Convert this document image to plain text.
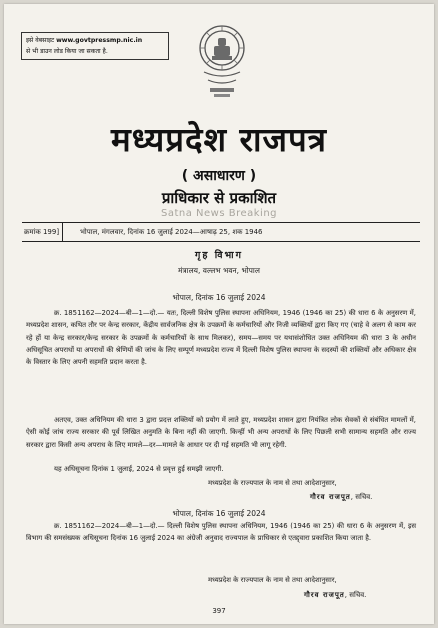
इसे वेबसाइट www.govtpressmp.nic.in
से भी डाउन लोड किया जा सकता है.
मध्यप्रदेश राजपत्र
( असाधारण )
प्राधिकार से प्रकाशित
Satna News Breaking
क्रमांक 199]	भोपाल, मंगलवार, दिनांक 16 जुलाई 2024—आषाढ़ 25, शक 1946
गृह विभाग
मंत्रालय, वल्लभ भवन, भोपाल
भोपाल, दिनांक 16 जुलाई 2024
क्र. 1851162—2024—बी—1—दो.— यतः, दिल्ली विशेष पुलिस स्थापना अधिनियम, 1946 (1946 का 25) की धारा 6 के अनुसरण में, मध्यप्रदेश शासन, कथित तौर पर केन्द्र सरकार, केंद्रीय सार्वजनिक क्षेत्र के उपक्रमों के कर्मचारियों और निजी व्यक्तियों द्वारा किए गए (चाहे वे अलग से काम कर रहे हों या केन्द्र सरकार/केन्द्र सरकार के उपक्रमों के कर्मचारियों के साथ मिलकर), समय—समय पर यथासंशोधित उक्त अधिनियम की धारा 3 के अधीन अधिसूचित अपराधों या अपराधों की श्रेणियों की जांच के लिए सम्पूर्ण मध्यप्रदेश राज्य में दिल्ली विशेष पुलिस स्थापना के सदस्यों की शक्तियों और अधिकार क्षेत्र के विस्तार के लिए अपनी सहमति प्रदान करता है.
अतएव, उक्त अधिनियम की धारा 3 द्वारा प्रदत्त शक्तियों को प्रयोग में लाते हुए, मध्यप्रदेश शासन द्वारा नियंत्रित लोक सेवकों से संबंधित मामलों में, ऐसी कोई जांच राज्य सरकार की पूर्व लिखित अनुमति के बिना नहीं की जाएगी. किन्हीं भी अन्य अपराधों के लिए पिछली सभी सामान्य सहमति और राज्य सरकार द्वारा किसी अन्य अपराध के लिए मामले—दर—मामले के आधार पर दी गई सहमति भी लागू रहेगी.
यह अधिसूचना दिनांक 1 जुलाई, 2024 से प्रवृत्त हुई समझी जाएगी.
मध्यप्रदेश के राज्यपाल के नाम से तथा आदेशानुसार,
गौरव राजपूत, सचिव.
भोपाल, दिनांक 16 जुलाई 2024
क्र. 1851162—2024—बी—1—दो.— दिल्ली विशेष पुलिस स्थापना अधिनियम, 1946 (1946 का 25) की धारा 6 के अनुसरण में, इस विभाग की समसंख्यक अधिसूचना दिनांक 16 जुलाई 2024 का अंग्रेजी अनुवाद राज्यपाल के प्राधिकार से एतद्द्वारा प्रकाशित किया जाता है.
मध्यप्रदेश के राज्यपाल के नाम से तथा आदेशानुसार,
गौरव राजपूत, सचिव.
397
